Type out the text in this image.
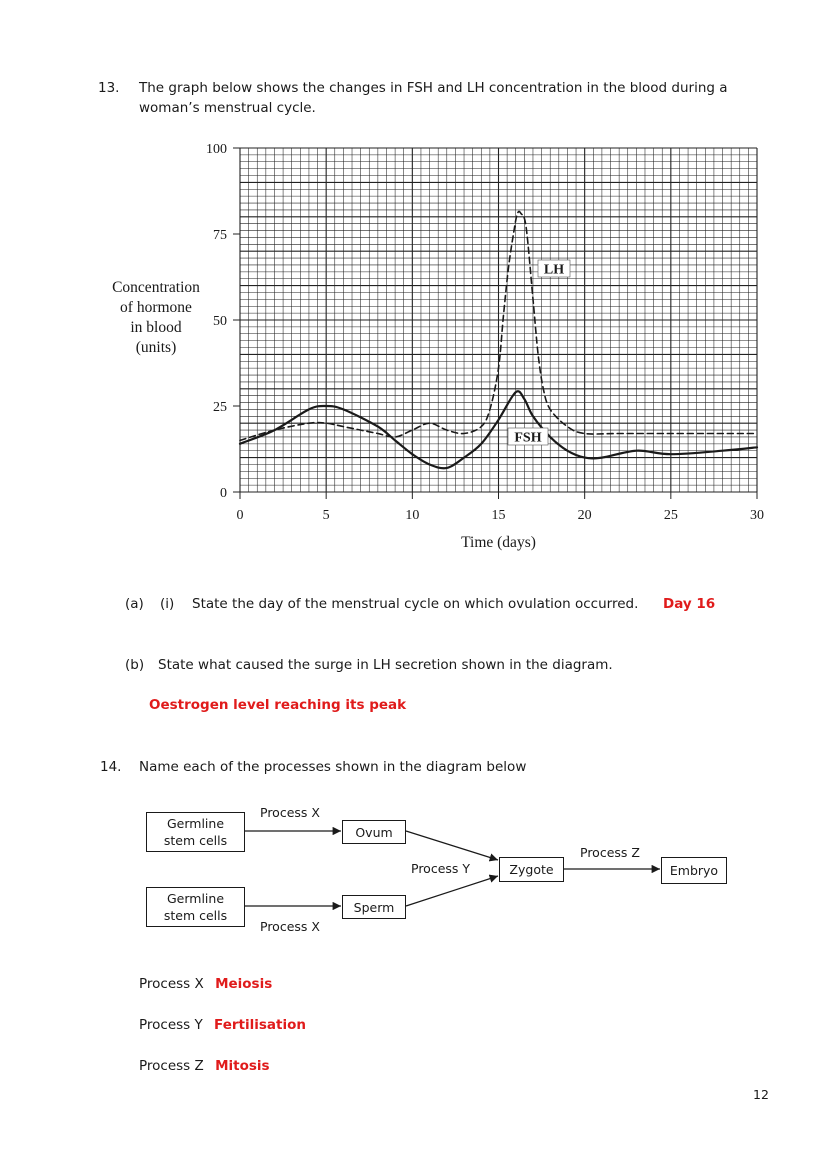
13. The graph below shows the changes in FSH and LH concentration in the blood during a
woman’s menstrual cycle.
0
25
50
75
100
0	5	10	15	20	25	30
Time (days)
Concentration
of hormone
in blood
(units)
LH
FSH
(a) (i) State the day of the menstrual cycle on which ovulation occurred. Day 16
(b) State what caused the surge in LH secretion shown in the diagram.
Oestrogen level reaching its peak
14. Name each of the processes shown in the diagram below
Germline stem cells
Germline stem cells
Ovum
Sperm
Zygote	Embryo
Process X
Process X
Process Y
Process Z
Process X Meiosis
Process Y Fertilisation
Process Z Mitosis
12
